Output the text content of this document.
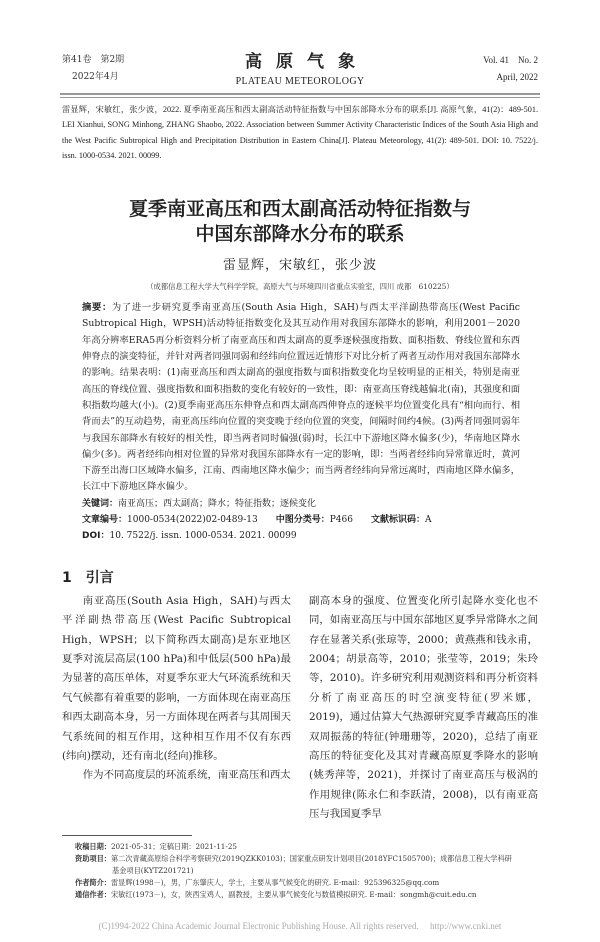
第41卷　第2期
2022年4月
高原气象
PLATEAU METEOROLOGY
Vol. 41　No. 2
April, 2022
雷显辉，宋敏红，张少波，2022. 夏季南亚高压和西太副高活动特征指数与中国东部降水分布的联系[J]. 高原气象，41(2)：489-501. LEI Xianhui, SONG Minhong, ZHANG Shaobo, 2022. Association between Summer Activity Characteristic Indices of the South Asia High and the West Pacific Subtropical High and Precipitation Distribution in Eastern China[J]. Plateau Meteorology, 41(2): 489-501. DOI: 10. 7522/j. issn. 1000-0534. 2021. 00099.
夏季南亚高压和西太副高活动特征指数与
中国东部降水分布的联系
雷显辉，宋敏红，张少波
（成都信息工程大学大气科学学院，高原大气与环境四川省重点实验室，四川 成都　610225）
摘要：为了进一步研究夏季南亚高压(South Asia High，SAH)与西太平洋副热带高压(West Pacific Subtropical High，WPSH)活动特征指数变化及其互动作用对我国东部降水的影响，利用2001－2020年高分辨率ERA5再分析资料分析了南亚高压和西太副高的夏季逐候强度指数、面积指数、脊线位置和东西伸脊点的演变特征，并针对两者同强同弱和经纬向位置远近情形下对比分析了两者互动作用对我国东部降水的影响。结果表明：(1)南亚高压和西太副高的强度指数与面积指数变化均呈较明显的正相关，特别是南亚高压的脊线位置、强度指数和面积指数的变化有较好的一致性，即：南亚高压脊线越偏北(南)，其强度和面积指数均越大(小)。(2)夏季南亚高压东伸脊点和西太副高西伸脊点的逐候平均位置变化具有“相向而行、相背而去”的互动趋势，南亚高压纬向位置的突变晚于经向位置的突变，间隔时间约4候。(3)两者同强同弱年与我国东部降水有较好的相关性，即当两者同时偏强(弱)时，长江中下游地区降水偏多(少)，华南地区降水偏少(多)。两者经纬向相对位置的异常对我国东部降水有一定的影响，即：当两者经纬向异常靠近时，黄河下游至出海口区域降水偏多，江南、西南地区降水偏少；而当两者经纬向异常远离时，西南地区降水偏多，长江中下游地区降水偏少。
关键词：南亚高压；西太副高；降水；特征指数；逐候变化
文章编号：1000-0534(2022)02-0489-13 中图分类号：P466 文献标识码：A
DOI：10. 7522/j. issn. 1000-0534. 2021. 00099
1 引言

南亚高压(South Asia High，SAH)与西太平洋副热带高压(West Pacific Subtropical High，WPSH；以下简称西太副高)是东亚地区夏季对流层高层(100 hPa)和中低层(500 hPa)最为显著的高压单体，对夏季东亚大气环流系统和天气气候都有着重要的影响，一方面体现在南亚高压和西太副高本身，另一方面体现在两者与其周围天气系统间的相互作用，这种相互作用不仅有东西(纬向)摆动，还有南北(经向)推移。

作为不同高度层的环流系统，南亚高压和西太

副高本身的强度、位置变化所引起降水变化也不同，如南亚高压与中国东部地区夏季异常降水之间存在显著关系(张琼等，2000；黄燕燕和钱永甫，2004；胡景高等，2010；张莹等，2019；朱玲等，2010)。许多研究利用观测资料和再分析资料分析了南亚高压的时空演变特征(罗米娜，2019)，通过估算大气热源研究夏季青藏高压的准双周振荡的特征(钟珊珊等，2020)，总结了南亚高压的特征变化及其对青藏高原夏季降水的影响(姚秀萍等，2021)，并探讨了南亚高压与极涡的作用规律(陈永仁和李跃清，2008)，以有南亚高压与我国夏季旱
收稿日期：2021-05-31；定稿日期：2021-11-25
资助项目：第二次青藏高原综合科学考察研究(2019QZKK0103)；国家重点研发计划项目(2018YFC1505700)；成都信息工程大学科研
基金项目(KYTZ201721)
作者简介：雷显辉(1998－)，男，广东肇庆人，学士，主要从事气候变化的研究. E-mail：925396325@qq.com
通信作者：宋敏红(1973－)，女，陕西宝鸡人，副教授，主要从事气候变化与数值模拟研究. E-mail：songmh@cuit.edu.cn
(C)1994-2022 China Academic Journal Electronic Publishing House. All rights reserved.　 http://www.cnki.net
